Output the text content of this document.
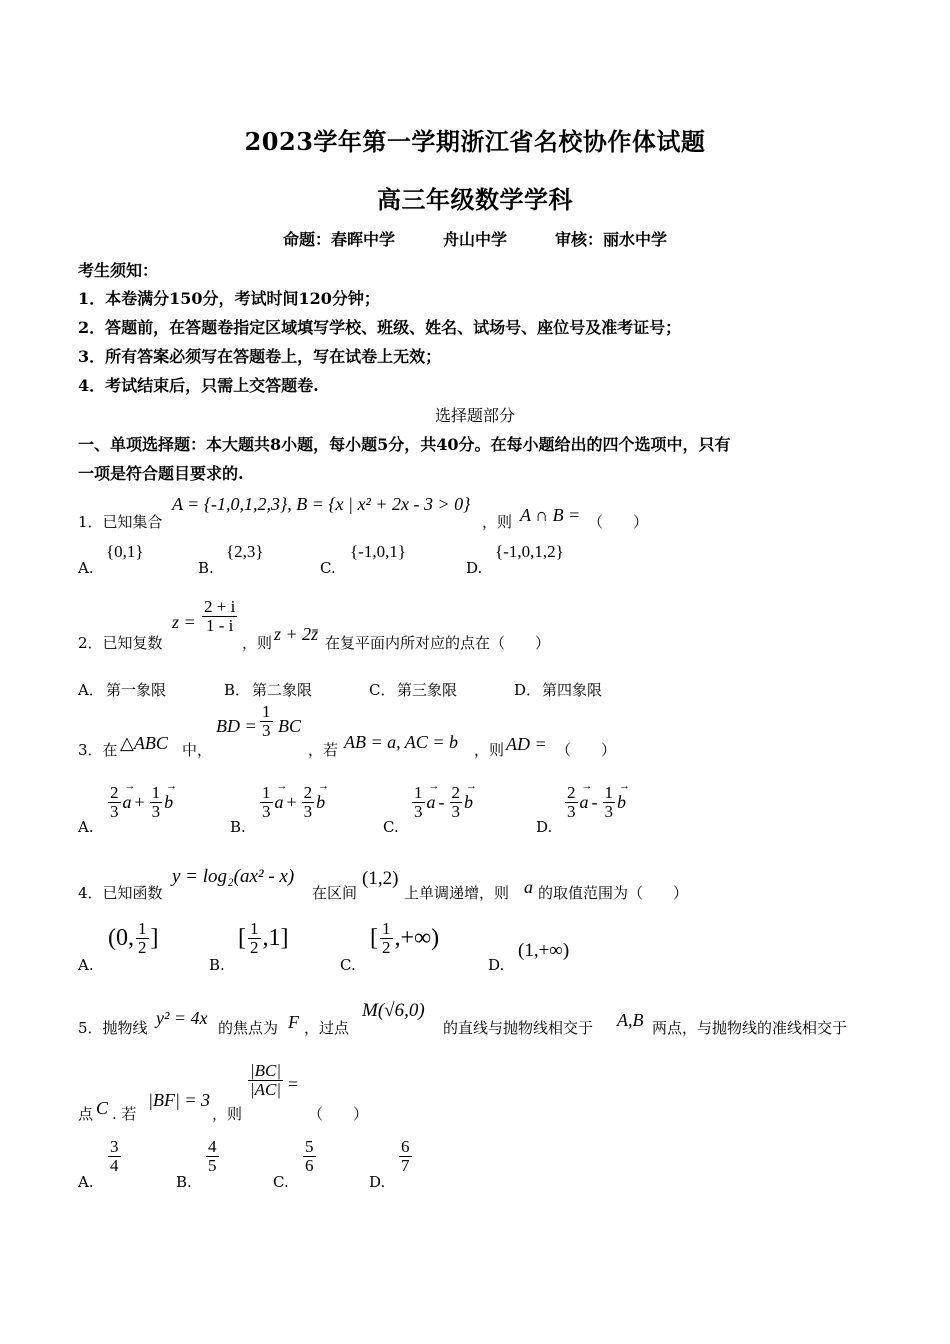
2023学年第一学期浙江省名校协作体试题
高三年级数学学科
命题：春晖中学　　　舟山中学　　　审核：丽水中学
考生须知：
1．本卷满分150分，考试时间120分钟；
2．答题前，在答题卷指定区域填写学校、班级、姓名、试场号、座位号及准考证号；
3．所有答案必须写在答题卷上，写在试卷上无效；
4．考试结束后，只需上交答题卷.
选择题部分
一、单项选择题：本大题共8小题，每小题5分，共40分。在每小题给出的四个选项中，只有
一项是符合题目要求的.
1．已知集合
A = {-1,0,1,2,3}, B = {x | x² + 2x - 3 > 0}
，则 A ∩ B = （　　）
A.
{0,1}
B.
{2,3}
C.
{-1,0,1}
D.
{-1,0,1,2}
2．已知复数
$z = \frac{2 + i}{1 - i}$
，则 z + 2z̄ 在复平面内所对应的点在（　　）
A． 第一象限	B． 第二象限	C． 第三象限	D． 第四象限
3．在 △ABC 中，
BD = $\frac{1}{3}$ BC
，若 AB = a, AC = b ，则 AD = （　　）
A.
$\frac{2}{3}$
→ $a + \frac{1}{3}$
→ b
B.
$\frac{1}{3}$
→ $a + \frac{2}{3}$
→ b
C.
$\frac{1}{3}$
→ a - $\frac{2}{3}$
→ b
D.
$\frac{2}{3}$
→ a - $\frac{1}{3}$
→ b
4．已知函数
y = log₂(ax² - x)
在区间
(1,2)
上单调递增，则 a 的取值范围为（　　）
A.
(0, $\frac{1}{2}$ ]
B.
[ $\frac{1}{2} ,1$]
C.
[ $\frac{1}{2}$ ,+∞)
D.
(1,+∞)
5．抛物线 y² = 4x 的焦点为 F ，过点
M(√6,0)
的直线与抛物线相交于 A,B 两点，与抛物线的准线相交于
点 C . 若
|BF| = 3
，则
$\frac{|BC|}{|AC|}$ =
（　　）
A.
$\frac{3}{4}$
B.
$\frac{4}{5}$
C.
$\frac{5}{6}$
D.
$\frac{6}{7}$
